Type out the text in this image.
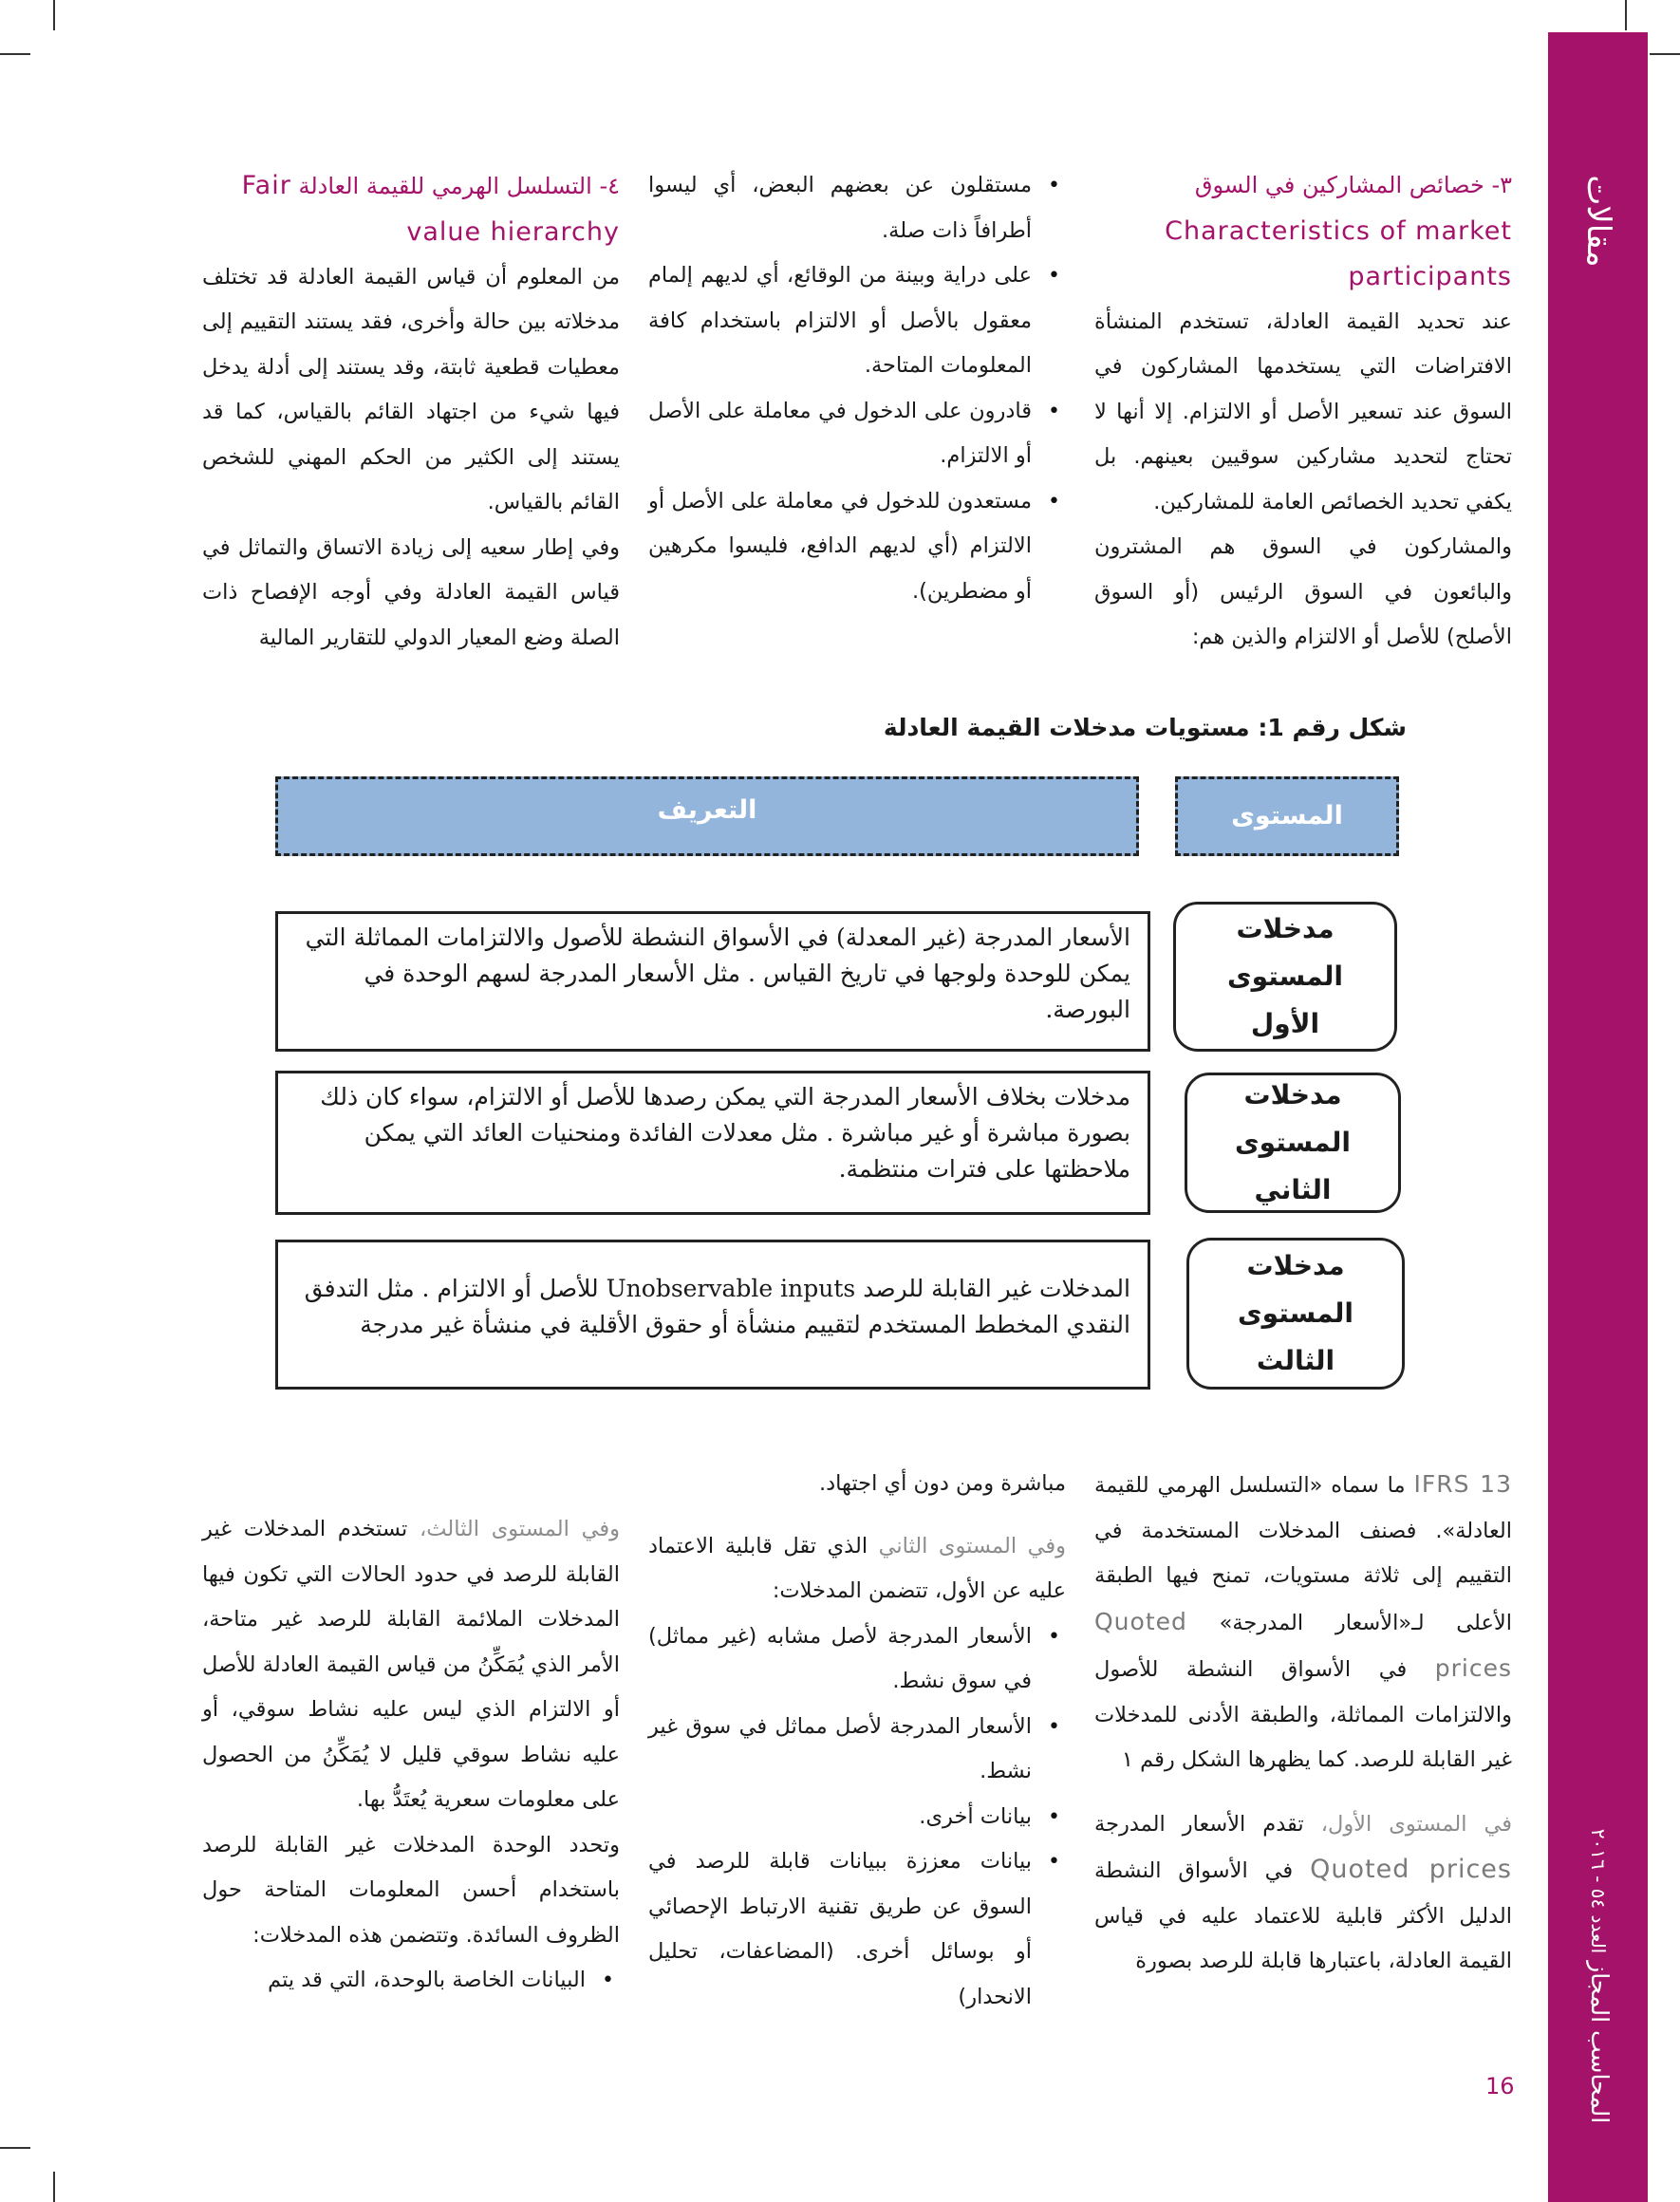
مقالات
المحاسب المجاز العدد ٥٤ - ٢٠١٦

٣- خصائص المشاركين في السوق

Characteristics of market participants

عند تحديد القيمة العادلة، تستخدم المنشأة الافتراضات التي يستخدمها المشاركون في السوق عند تسعير الأصل أو الالتزام. إلا أنها لا تحتاج لتحديد مشاركين سوقيين بعينهم. بل يكفي تحديد الخصائص العامة للمشاركين.

والمشاركون في السوق هم المشترون والبائعون في السوق الرئيس (أو السوق الأصلح) للأصل أو الالتزام والذين هم:

• مستقلون عن بعضهم البعض، أي ليسوا أطرافاً ذات صلة.
• على دراية وبينة من الوقائع، أي لديهم إلمام معقول بالأصل أو الالتزام باستخدام كافة المعلومات المتاحة.
• قادرون على الدخول في معاملة على الأصل أو الالتزام.
• مستعدون للدخول في معاملة على الأصل أو الالتزام (أي لديهم الدافع، فليسوا مكرهين أو مضطرين).

٤- التسلسل الهرمي للقيمة العادلة Fair

value hierarchy

من المعلوم أن قياس القيمة العادلة قد تختلف مدخلاته بين حالة وأخرى، فقد يستند التقييم إلى معطيات قطعية ثابتة، وقد يستند إلى أدلة يدخل فيها شيء من اجتهاد القائم بالقياس، كما قد يستند إلى الكثير من الحكم المهني للشخص القائم بالقياس.

وفي إطار سعيه إلى زيادة الاتساق والتماثل في قياس القيمة العادلة وفي أوجه الإفصاح ذات الصلة وضع المعيار الدولي للتقارير المالية

شكل رقم 1: مستويات مدخلات القيمة العادلة
المستوى
التعريف
مدخلات المستوى الأول
الأسعار المدرجة (غير المعدلة) في الأسواق النشطة للأصول والالتزامات المماثلة التي يمكن للوحدة ولوجها في تاريخ القياس . مثل الأسعار المدرجة لسهم الوحدة في البورصة.
مدخلات المستوى الثاني
مدخلات بخلاف الأسعار المدرجة التي يمكن رصدها للأصل أو الالتزام، سواء كان ذلك بصورة مباشرة أو غير مباشرة . مثل معدلات الفائدة ومنحنيات العائد التي يمكن ملاحظتها على فترات منتظمة.
مدخلات المستوى الثالث
المدخلات غير القابلة للرصد Unobservable inputs للأصل أو الالتزام . مثل التدفق النقدي المخطط المستخدم لتقييم منشأة أو حقوق الأقلية في منشأة غير مدرجة

IFRS 13 ما سماه «التسلسل الهرمي للقيمة العادلة». فصنف المدخلات المستخدمة في التقييم إلى ثلاثة مستويات، تمنح فيها الطبقة الأعلى لـ«الأسعار المدرجة» Quoted prices في الأسواق النشطة للأصول والالتزامات المماثلة، والطبقة الأدنى للمدخلات غير القابلة للرصد. كما يظهرها الشكل رقم ١

في المستوى الأول، تقدم الأسعار المدرجة Quoted prices في الأسواق النشطة الدليل الأكثر قابلية للاعتماد عليه في قياس القيمة العادلة، باعتبارها قابلة للرصد بصورة

مباشرة ومن دون أي اجتهاد.

وفي المستوى الثاني الذي تقل قابلية الاعتماد عليه عن الأول، تتضمن المدخلات:

• الأسعار المدرجة لأصل مشابه (غير مماثل) في سوق نشط.
• الأسعار المدرجة لأصل مماثل في سوق غير نشط.
• بيانات أخرى.
• بيانات معززة ببيانات قابلة للرصد في السوق عن طريق تقنية الارتباط الإحصائي أو بوسائل أخرى. (المضاعفات، تحليل الانحدار)

وفي المستوى الثالث، تستخدم المدخلات غير القابلة للرصد في حدود الحالات التي تكون فيها المدخلات الملائمة القابلة للرصد غير متاحة، الأمر الذي يُمَكِّنُ من قياس القيمة العادلة للأصل أو الالتزام الذي ليس عليه نشاط سوقي، أو عليه نشاط سوقي قليل لا يُمَكِّنُ من الحصول على معلومات سعرية يُعتَدُّ بها.

وتحدد الوحدة المدخلات غير القابلة للرصد باستخدام أحسن المعلومات المتاحة حول الظروف السائدة. وتتضمن هذه المدخلات:

• البيانات الخاصة بالوحدة، التي قد يتم
16
